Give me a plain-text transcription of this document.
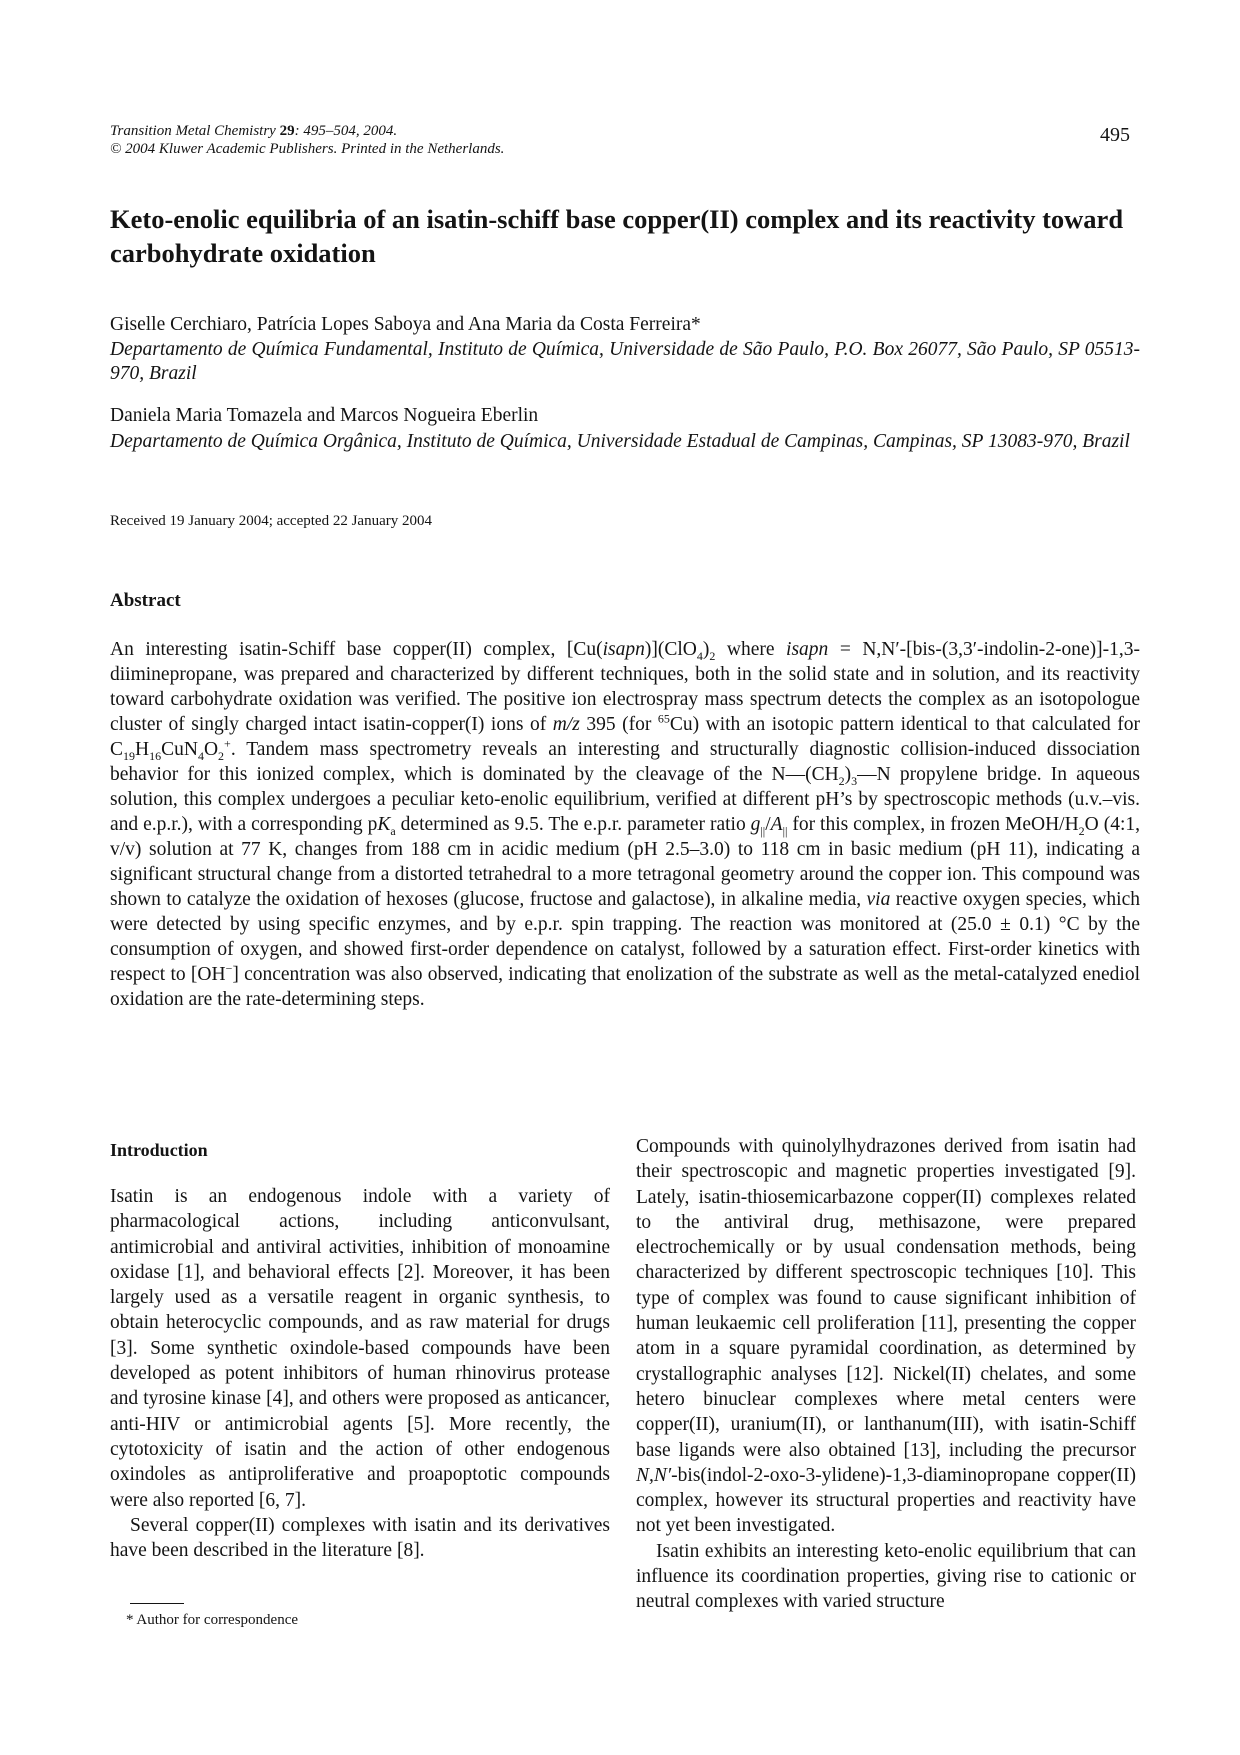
Transition Metal Chemistry 29: 495–504, 2004.
© 2004 Kluwer Academic Publishers. Printed in the Netherlands.
495
Keto-enolic equilibria of an isatin-schiff base copper(II) complex and its reactivity toward carbohydrate oxidation
Giselle Cerchiaro, Patrícia Lopes Saboya and Ana Maria da Costa Ferreira*
Departamento de Química Fundamental, Instituto de Química, Universidade de São Paulo, P.O. Box 26077, São Paulo, SP 05513-970, Brazil
Daniela Maria Tomazela and Marcos Nogueira Eberlin
Departamento de Química Orgânica, Instituto de Química, Universidade Estadual de Campinas, Campinas, SP 13083-970, Brazil
Received 19 January 2004; accepted 22 January 2004
Abstract
An interesting isatin-Schiff base copper(II) complex, $[Cu(isapn)](ClO_4)_2$ where isapn = N,N′-[bis-(3,3′-indolin-2-one)]-1,3-diiminepropane, was prepared and characterized by different techniques, both in the solid state and in solution, and its reactivity toward carbohydrate oxidation was verified. The positive ion electrospray mass spectrum detects the complex as an isotopologue cluster of singly charged intact isatin-copper(I) ions of m/z 395 (for $^{65}$Cu) with an isotopic pattern identical to that calculated for $C_{19}H_{16}CuN_4O_2^+$. Tandem mass spectrometry reveals an interesting and structurally diagnostic collision-induced dissociation behavior for this ionized complex, which is dominated by the cleavage of the $N—(CH_2)_3—N$ propylene bridge. In aqueous solution, this complex undergoes a peculiar keto-enolic equilibrium, verified at different pH’s by spectroscopic methods (u.v.–vis. and e.p.r.), with a corresponding $pK_a$ determined as 9.5. The e.p.r. parameter ratio $g_{||}/A_{||}$ for this complex, in frozen MeOH/$H_2O$ (4:1, v/v) solution at 77 K, changes from 188 cm in acidic medium (pH 2.5–3.0) to 118 cm in basic medium (pH 11), indicating a significant structural change from a distorted tetrahedral to a more tetragonal geometry around the copper ion. This compound was shown to catalyze the oxidation of hexoses (glucose, fructose and galactose), in alkaline media, via reactive oxygen species, which were detected by using specific enzymes, and by e.p.r. spin trapping. The reaction was monitored at (25.0 ± 0.1) °C by the consumption of oxygen, and showed first-order dependence on catalyst, followed by a saturation effect. First-order kinetics with respect to [OH−] concentration was also observed, indicating that enolization of the substrate as well as the metal-catalyzed enediol oxidation are the rate-determining steps.
Introduction

Isatin is an endogenous indole with a variety of pharmacological actions, including anticonvulsant, antimicrobial and antiviral activities, inhibition of monoamine oxidase [1], and behavioral effects [2]. Moreover, it has been largely used as a versatile reagent in organic synthesis, to obtain heterocyclic compounds, and as raw material for drugs [3]. Some synthetic oxindole-based compounds have been developed as potent inhibitors of human rhinovirus protease and tyrosine kinase [4], and others were proposed as anticancer, anti-HIV or antimicrobial agents [5]. More recently, the cytotoxicity of isatin and the action of other endogenous oxindoles as antiproliferative and proapoptotic compounds were also reported [6, 7].

Several copper(II) complexes with isatin and its derivatives have been described in the literature [8].

Compounds with quinolylhydrazones derived from isatin had their spectroscopic and magnetic properties investigated [9]. Lately, isatin-thiosemicarbazone copper(II) complexes related to the antiviral drug, methisazone, were prepared electrochemically or by usual condensation methods, being characterized by different spectroscopic techniques [10]. This type of complex was found to cause significant inhibition of human leukaemic cell proliferation [11], presenting the copper atom in a square pyramidal coordination, as determined by crystallographic analyses [12]. Nickel(II) chelates, and some hetero binuclear complexes where metal centers were copper(II), uranium(II), or lanthanum(III), with isatin-Schiff base ligands were also obtained [13], including the precursor N,N′-bis(indol-2-oxo-3-ylidene)-1,3-diaminopropane copper(II) complex, however its structural properties and reactivity have not yet been investigated.

Isatin exhibits an interesting keto-enolic equilibrium that can influence its coordination properties, giving rise to cationic or neutral complexes with varied structure

* Author for correspondence
